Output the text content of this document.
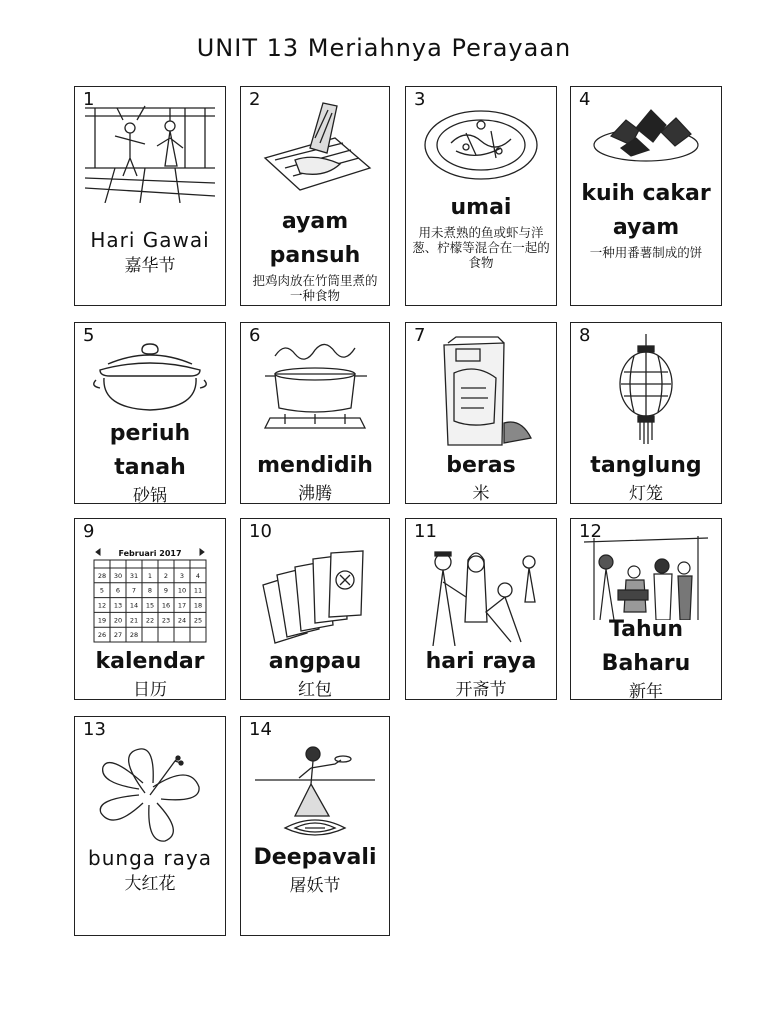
UNIT 13 Meriahnya Perayaan
1
Hari Gawai
嘉华节
2
ayam pansuh
把鸡肉放在竹筒里煮的一种食物
3
umai
用未煮熟的鱼或虾与洋葱、柠檬等混合在一起的食物
4
kuih cakar ayam
一种用番薯制成的饼
5
periuh tanah
砂锅
6
mendidih
沸腾
7
beras
米
8
tanglung
灯笼
9
Februari 2017
28 30 31 1 2 3 4
5 6 7 8 9 10 11
12 13 14 15 16 17 18
19 20 21 22 23 24 25
26 27 28
kalendar
日历
10
angpau
红包
11
hari raya
开斋节
12
Tahun Baharu
新年
13
bunga raya
大红花
14
Deepavali
屠妖节
